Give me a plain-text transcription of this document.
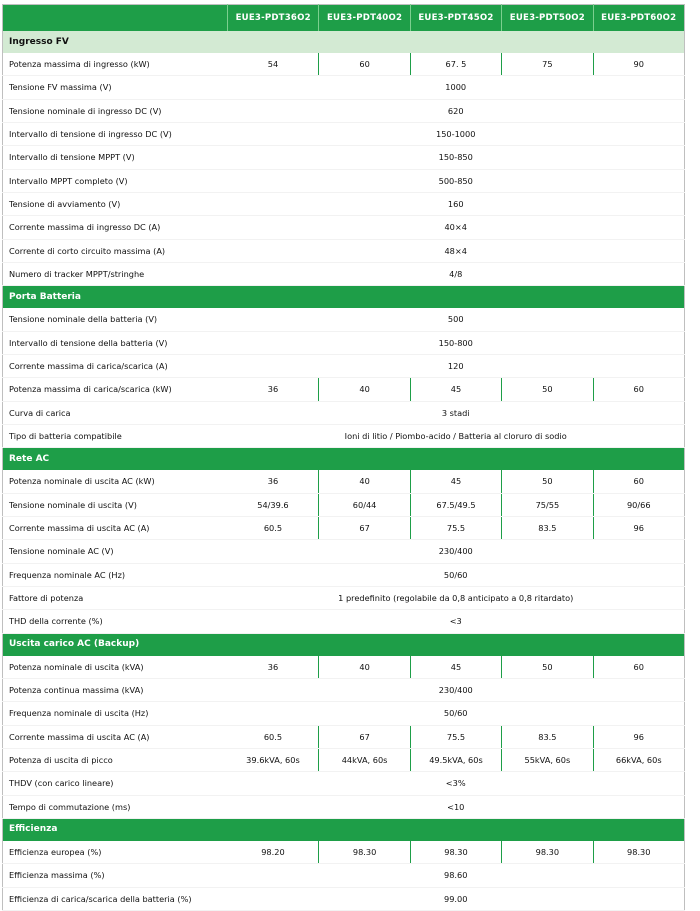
	EUE3-PDT36O2	EUE3-PDT40O2	EUE3-PDT45O2	EUE3-PDT50O2	EUE3-PDT60O2
Ingresso FV					
Potenza massima di ingresso (kW)	54	60	67. 5	75	90
Tensione FV massima (V)	1000				
Tensione nominale di ingresso DC (V)	620				
Intervallo di tensione di ingresso DC (V)	150-1000				
Intervallo di tensione MPPT (V)	150-850				
Intervallo MPPT completo (V)	500-850				
Tensione di avviamento (V)	160				
Corrente massima di ingresso DC (A)	40×4				
Corrente di corto circuito massima (A)	48×4				
Numero di tracker MPPT/stringhe	4/8				
Porta Batteria					
Tensione nominale della batteria (V)	500				
Intervallo di tensione della batteria (V)	150-800				
Corrente massima di carica/scarica (A)	120				
Potenza massima di carica/scarica (kW)	36	40	45	50	60
Curva di carica	3 stadi				
Tipo di batteria compatibile	Ioni di litio / Piombo-acido / Batteria al cloruro di sodio				
Rete AC					
Potenza nominale di uscita AC (kW)	36	40	45	50	60
Tensione nominale di uscita (V)	54/39.6	60/44	67.5/49.5	75/55	90/66
Corrente massima di uscita AC (A)	60.5	67	75.5	83.5	96
Tensione nominale AC (V)	230/400				
Frequenza nominale AC (Hz)	50/60				
Fattore di potenza	1 predefinito (regolabile da 0,8 anticipato a 0,8 ritardato)				
THD della corrente (%)	<3				
Uscita carico AC (Backup)					
Potenza nominale di uscita (kVA)	36	40	45	50	60
Potenza continua massima (kVA)	230/400				
Frequenza nominale di uscita (Hz)	50/60				
Corrente massima di uscita AC (A)	60.5	67	75.5	83.5	96
Potenza di uscita di picco	39.6kVA, 60s	44kVA, 60s	49.5kVA, 60s	55kVA, 60s	66kVA, 60s
THDV (con carico lineare)	<3%				
Tempo di commutazione (ms)	<10				
Efficienza					
Efficienza europea (%)	98.20	98.30	98.30	98.30	98.30
Efficienza massima (%)	98.60				
Efficienza di carica/scarica della batteria (%)	99.00				
